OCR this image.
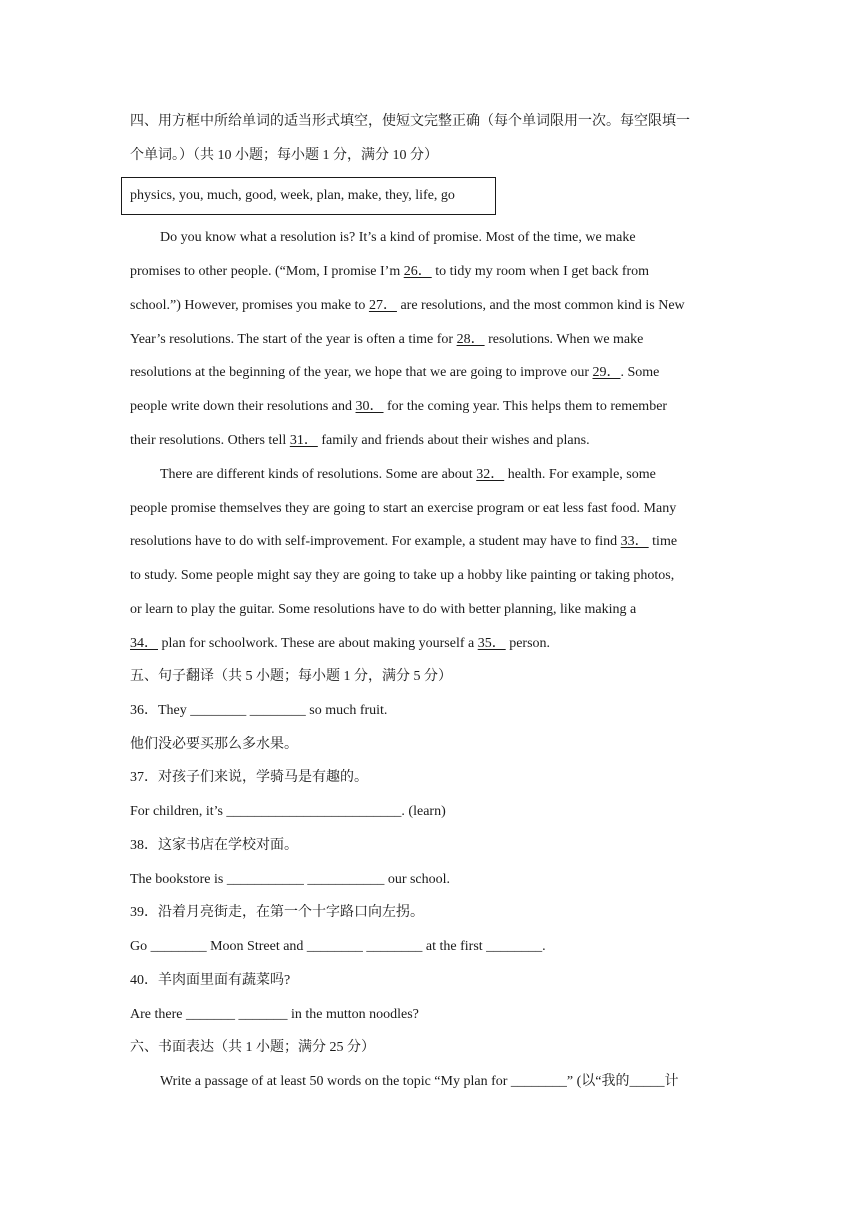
四、用方框中所给单词的适当形式填空，使短文完整正确（每个单词限用一次。每空限填一
个单词。）（共 10 小题；每小题 1 分，满分 10 分）
physics, you, much, good, week, plan, make, they, life, go
Do you know what a resolution is? It’s a kind of promise. Most of the time, we make
promises to other people. (“Mom, I promise I’m 26． to tidy my room when I get back from
school.”) However, promises you make to 27． are resolutions, and the most common kind is New
Year’s resolutions. The start of the year is often a time for 28． resolutions. When we make
resolutions at the beginning of the year, we hope that we are going to improve our 29．. Some
people write down their resolutions and 30． for the coming year. This helps them to remember
their resolutions. Others tell 31． family and friends about their wishes and plans.
There are different kinds of resolutions. Some are about 32． health. For example, some
people promise themselves they are going to start an exercise program or eat less fast food. Many
resolutions have to do with self-improvement. For example, a student may have to find 33． time
to study. Some people might say they are going to take up a hobby like painting or taking photos,
or learn to play the guitar. Some resolutions have to do with better planning, like making a
34． plan for schoolwork. These are about making yourself a 35． person.
五、句子翻译（共 5 小题；每小题 1 分，满分 5 分）
36．They ________ ________ so much fruit.
他们没必要买那么多水果。
37．对孩子们来说，学骑马是有趣的。
For children, it’s _________________________. (learn)
38．这家书店在学校对面。
The bookstore is ___________ ___________ our school.
39．沿着月亮街走，在第一个十字路口向左拐。
Go ________ Moon Street and ________ ________ at the first ________.
40．羊肉面里面有蔬菜吗?
Are there _______ _______ in the mutton noodles?
六、书面表达（共 1 小题；满分 25 分）
Write a passage of at least 50 words on the topic “My plan for ________” (以“我的_____计
